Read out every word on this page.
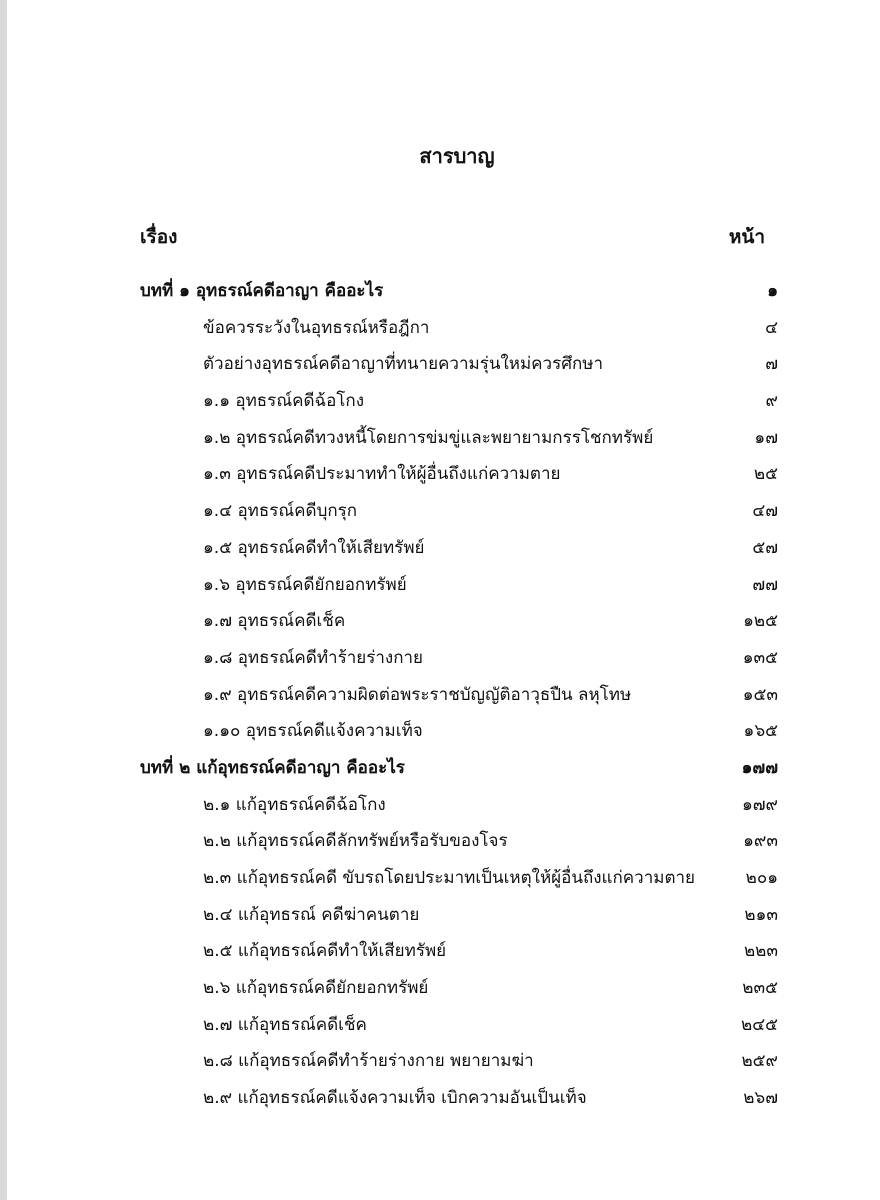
สารบาญ
เรื่อง	หน้า
บทที่ ๑ อุทธรณ์คดีอาญา คืออะไร	๑
ข้อควรระวังในอุทธรณ์หรือฎีกา	๔
ตัวอย่างอุทธรณ์คดีอาญาที่ทนายความรุ่นใหม่ควรศึกษา	๗
๑.๑ อุทธรณ์คดีฉ้อโกง	๙
๑.๒ อุทธรณ์คดีทวงหนี้โดยการข่มขู่และพยายามกรรโชกทรัพย์	๑๗
๑.๓ อุทธรณ์คดีประมาททำให้ผู้อื่นถึงแก่ความตาย	๒๕
๑.๔ อุทธรณ์คดีบุกรุก	๔๗
๑.๕ อุทธรณ์คดีทำให้เสียทรัพย์	๕๗
๑.๖ อุทธรณ์คดียักยอกทรัพย์	๗๗
๑.๗ อุทธรณ์คดีเช็ค	๑๒๕
๑.๘ อุทธรณ์คดีทำร้ายร่างกาย	๑๓๕
๑.๙ อุทธรณ์คดีความผิดต่อพระราชบัญญัติอาวุธปืน ลหุโทษ	๑๕๓
๑.๑๐ อุทธรณ์คดีแจ้งความเท็จ	๑๖๕
บทที่ ๒ แก้อุทธรณ์คดีอาญา คืออะไร	๑๗๗
๒.๑ แก้อุทธรณ์คดีฉ้อโกง	๑๗๙
๒.๒ แก้อุทธรณ์คดีลักทรัพย์หรือรับของโจร	๑๙๓
๒.๓ แก้อุทธรณ์คดี ขับรถโดยประมาทเป็นเหตุให้ผู้อื่นถึงแก่ความตาย	๒๐๑
๒.๔ แก้อุทธรณ์ คดีฆ่าคนตาย	๒๑๓
๒.๕ แก้อุทธรณ์คดีทำให้เสียทรัพย์	๒๒๓
๒.๖ แก้อุทธรณ์คดียักยอกทรัพย์	๒๓๕
๒.๗ แก้อุทธรณ์คดีเช็ค	๒๔๕
๒.๘ แก้อุทธรณ์คดีทำร้ายร่างกาย พยายามฆ่า	๒๕๙
๒.๙ แก้อุทธรณ์คดีแจ้งความเท็จ เบิกความอันเป็นเท็จ	๒๖๗
